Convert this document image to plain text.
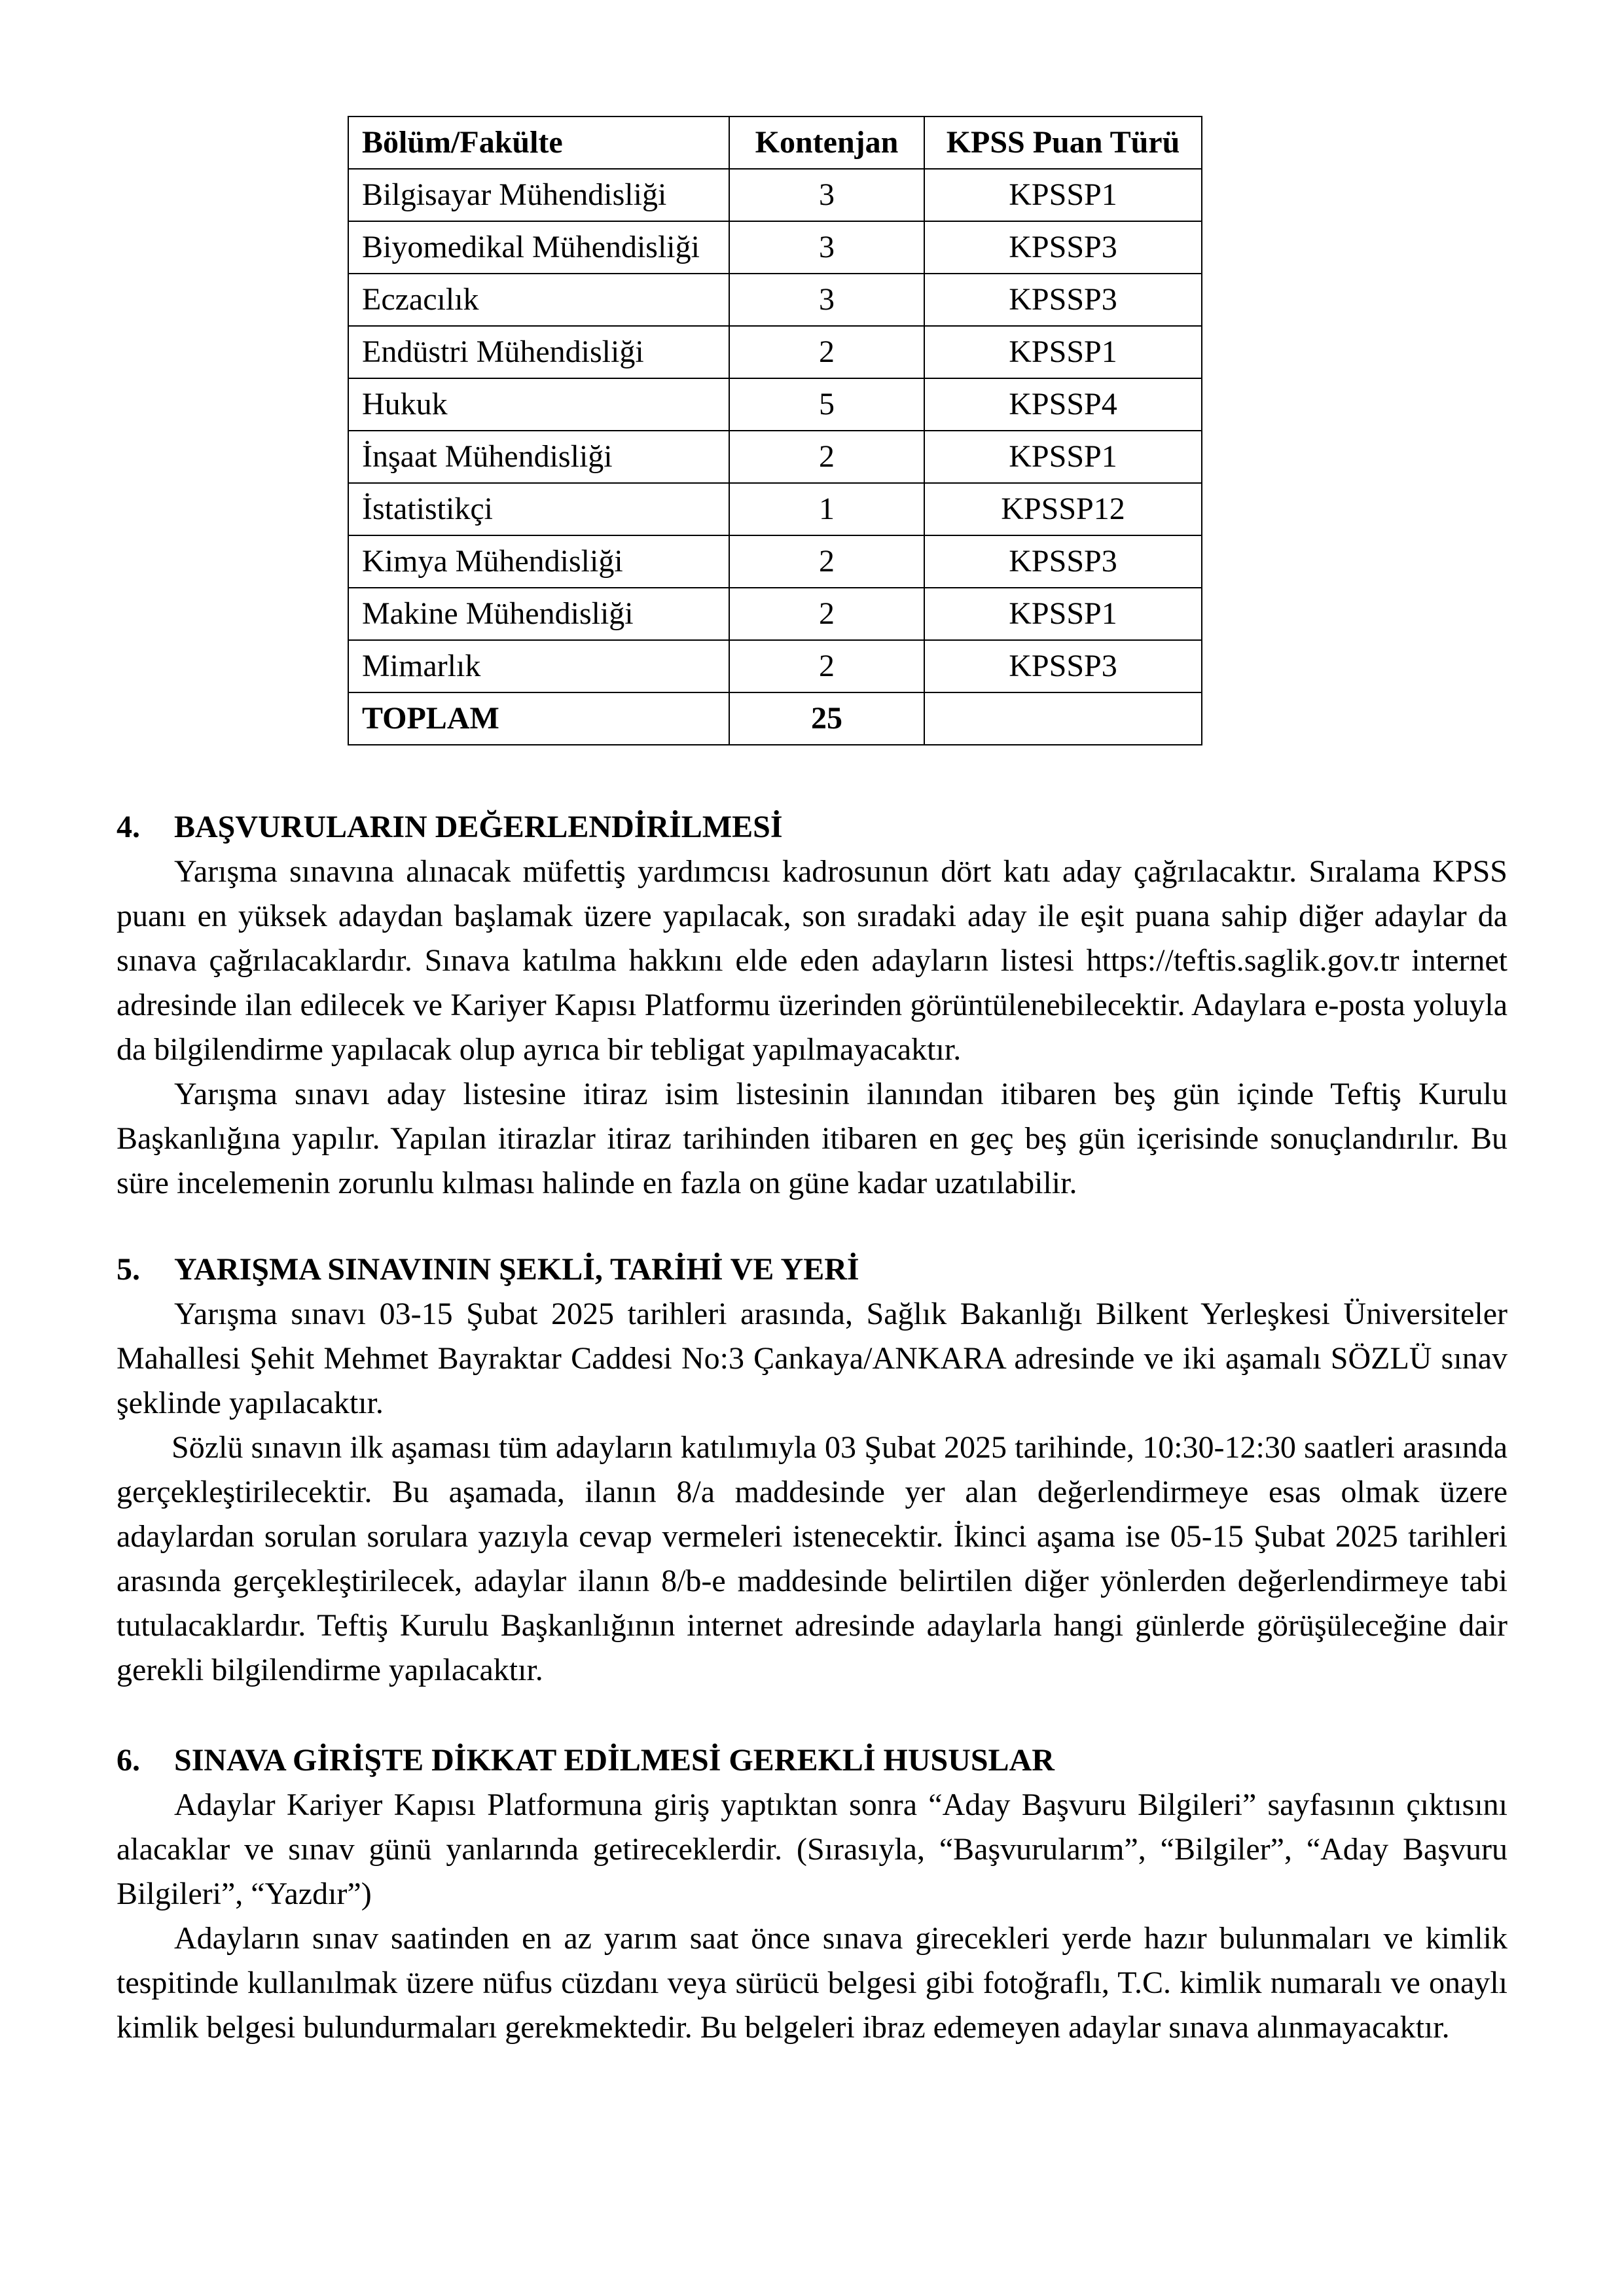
Bölüm/Fakülte	Kontenjan	KPSS Puan Türü
Bilgisayar Mühendisliği	3	KPSSP1
Biyomedikal Mühendisliği	3	KPSSP3
Eczacılık	3	KPSSP3
Endüstri Mühendisliği	2	KPSSP1
Hukuk	5	KPSSP4
İnşaat Mühendisliği	2	KPSSP1
İstatistikçi	1	KPSSP12
Kimya Mühendisliği	2	KPSSP3
Makine Mühendisliği	2	KPSSP1
Mimarlık	2	KPSSP3
TOPLAM	25	
4.	BAŞVURULARIN DEĞERLENDİRİLMESİ

Yarışma sınavına alınacak müfettiş yardımcısı kadrosunun dört katı aday çağrılacaktır. Sıralama KPSS puanı en yüksek adaydan başlamak üzere yapılacak, son sıradaki aday ile eşit puana sahip diğer adaylar da sınava çağrılacaklardır. Sınava katılma hakkını elde eden adayların listesi https://teftis.saglik.gov.tr internet adresinde ilan edilecek ve Kariyer Kapısı Platformu üzerinden görüntülenebilecektir. Adaylara e-posta yoluyla da bilgilendirme yapılacak olup ayrıca bir tebligat yapılmayacaktır.

Yarışma sınavı aday listesine itiraz isim listesinin ilanından itibaren beş gün içinde Teftiş Kurulu Başkanlığına yapılır. Yapılan itirazlar itiraz tarihinden itibaren en geç beş gün içerisinde sonuçlandırılır. Bu süre incelemenin zorunlu kılması halinde en fazla on güne kadar uzatılabilir.

5.	YARIŞMA SINAVININ ŞEKLİ, TARİHİ VE YERİ

Yarışma sınavı 03-15 Şubat 2025 tarihleri arasında, Sağlık Bakanlığı Bilkent Yerleşkesi Üniversiteler Mahallesi Şehit Mehmet Bayraktar Caddesi No:3 Çankaya/ANKARA adresinde ve iki aşamalı SÖZLÜ sınav şeklinde yapılacaktır.

Sözlü sınavın ilk aşaması tüm adayların katılımıyla 03 Şubat 2025 tarihinde, 10:30-12:30 saatleri arasında gerçekleştirilecektir. Bu aşamada, ilanın 8/a maddesinde yer alan değerlendirmeye esas olmak üzere adaylardan sorulan sorulara yazıyla cevap vermeleri istenecektir. İkinci aşama ise 05-15 Şubat 2025 tarihleri arasında gerçekleştirilecek, adaylar ilanın 8/b-e maddesinde belirtilen diğer yönlerden değerlendirmeye tabi tutulacaklardır. Teftiş Kurulu Başkanlığının internet adresinde adaylarla hangi günlerde görüşüleceğine dair gerekli bilgilendirme yapılacaktır.

6.	SINAVA GİRİŞTE DİKKAT EDİLMESİ GEREKLİ HUSUSLAR

Adaylar Kariyer Kapısı Platformuna giriş yaptıktan sonra “Aday Başvuru Bilgileri” sayfasının çıktısını alacaklar ve sınav günü yanlarında getireceklerdir. (Sırasıyla, “Başvurularım”, “Bilgiler”, “Aday Başvuru Bilgileri”, “Yazdır”)

Adayların sınav saatinden en az yarım saat önce sınava girecekleri yerde hazır bulunmaları ve kimlik tespitinde kullanılmak üzere nüfus cüzdanı veya sürücü belgesi gibi fotoğraflı, T.C. kimlik numaralı ve onaylı kimlik belgesi bulundurmaları gerekmektedir. Bu belgeleri ibraz edemeyen adaylar sınava alınmayacaktır.
